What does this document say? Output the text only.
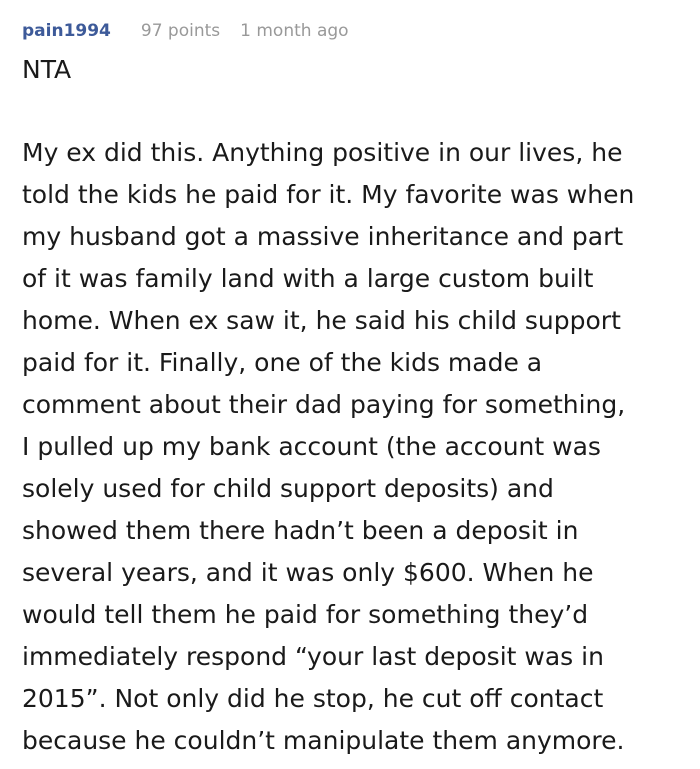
pain1994 97 points 1 month ago
NTA
My ex did this. Anything positive in our lives, he
told the kids he paid for it. My favorite was when
my husband got a massive inheritance and part
of it was family land with a large custom built
home. When ex saw it, he said his child support
paid for it. Finally, one of the kids made a
comment about their dad paying for something,
I pulled up my bank account (the account was
solely used for child support deposits) and
showed them there hadn’t been a deposit in
several years, and it was only $600. When he
would tell them he paid for something they’d
immediately respond “your last deposit was in
2015”. Not only did he stop, he cut off contact
because he couldn’t manipulate them anymore.
